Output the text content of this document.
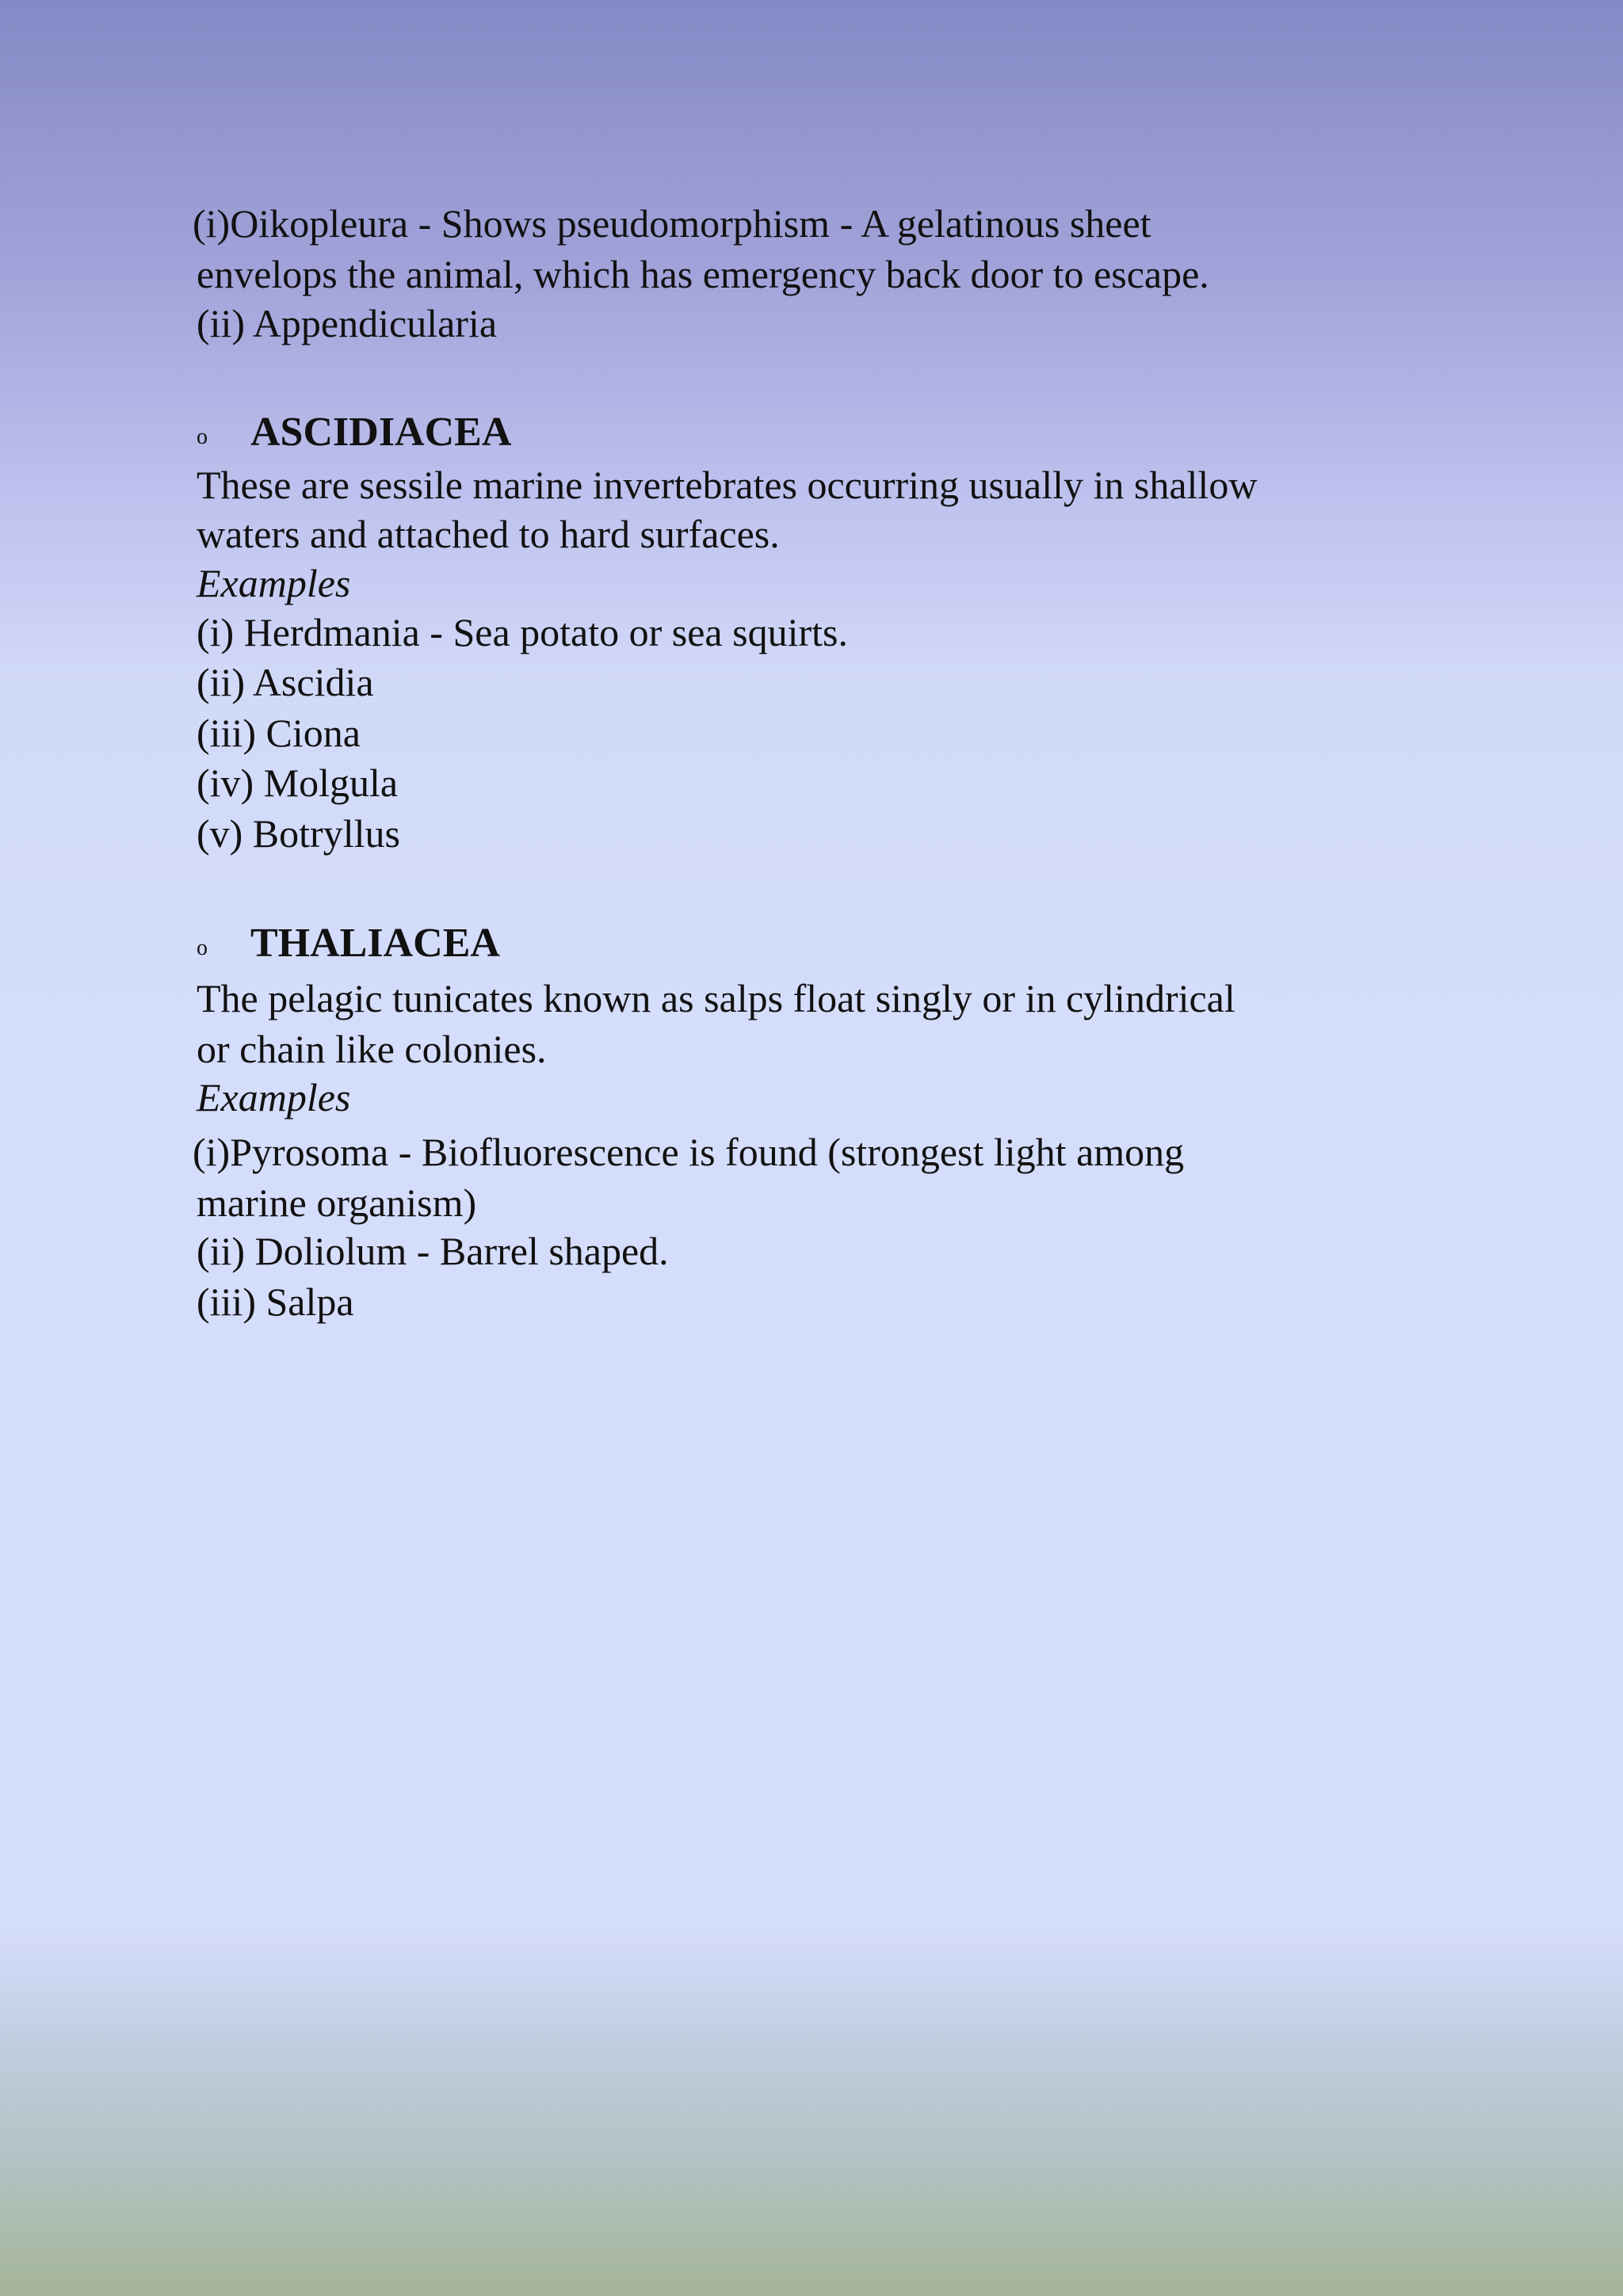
(i)Oikopleura - Shows pseudomorphism - A gelatinous sheet
envelops the animal, which has emergency back door to escape.
(ii) Appendicularia
o	ASCIDIACEA
These are sessile marine invertebrates occurring usually in shallow
waters and attached to hard surfaces.
Examples
(i) Herdmania - Sea potato or sea squirts.
(ii) Ascidia
(iii) Ciona
(iv) Molgula
(v) Botryllus
o	THALIACEA
The pelagic tunicates known as salps float singly or in cylindrical
or chain like colonies.
Examples
(i)Pyrosoma - Biofluorescence is found (strongest light among
marine organism)
(ii) Doliolum - Barrel shaped.
(iii) Salpa
